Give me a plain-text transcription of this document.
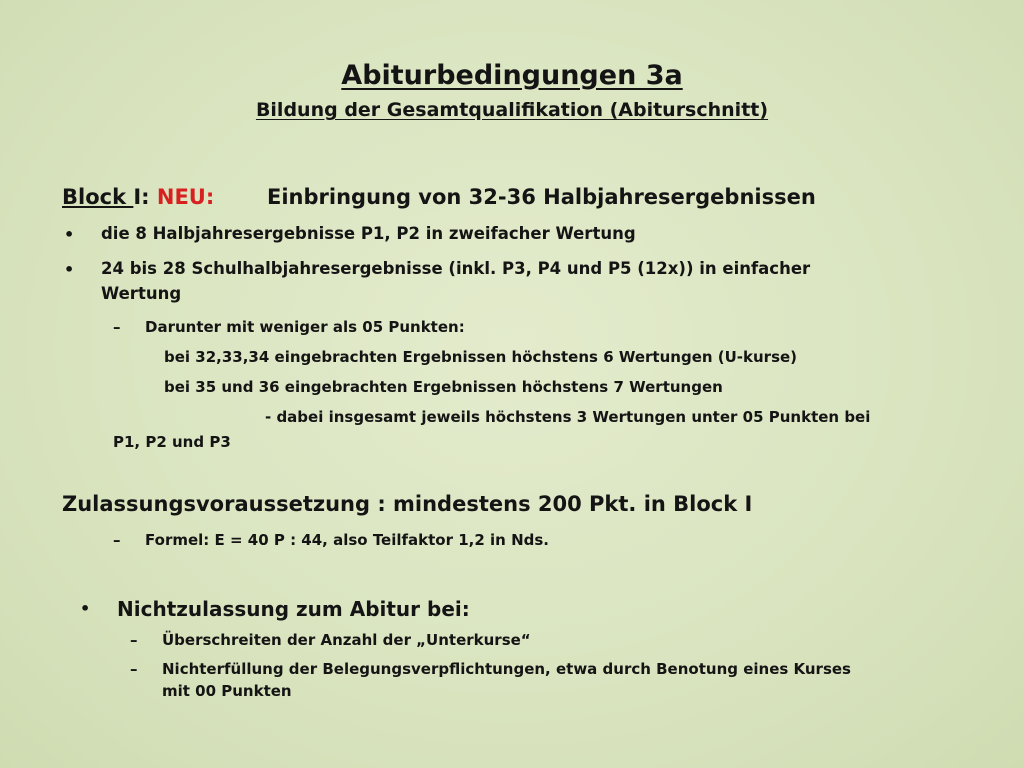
Abiturbedingungen 3a
Bildung der Gesamtqualifikation (Abiturschnitt)
Block I: NEU:	Einbringung von 32-36 Halbjahresergebnissen
• die 8 Halbjahresergebnisse P1, P2 in zweifacher Wertung
• 24 bis 28 Schulhalbjahresergebnisse (inkl. P3, P4 und P5 (12x)) in einfacher
Wertung
– Darunter mit weniger als 05 Punkten:
bei 32,33,34 eingebrachten Ergebnissen höchstens 6 Wertungen (U-kurse)
bei 35 und 36 eingebrachten Ergebnissen höchstens 7 Wertungen
- dabei insgesamt jeweils höchstens 3 Wertungen unter 05 Punkten bei
P1, P2 und P3
Zulassungsvoraussetzung : mindestens 200 Pkt. in Block I
– Formel: E = 40 P : 44, also Teilfaktor 1,2 in Nds.
• Nichtzulassung zum Abitur bei:
– Überschreiten der Anzahl der „Unterkurse“
– Nichterfüllung der Belegungsverpflichtungen, etwa durch Benotung eines Kurses
mit 00 Punkten
